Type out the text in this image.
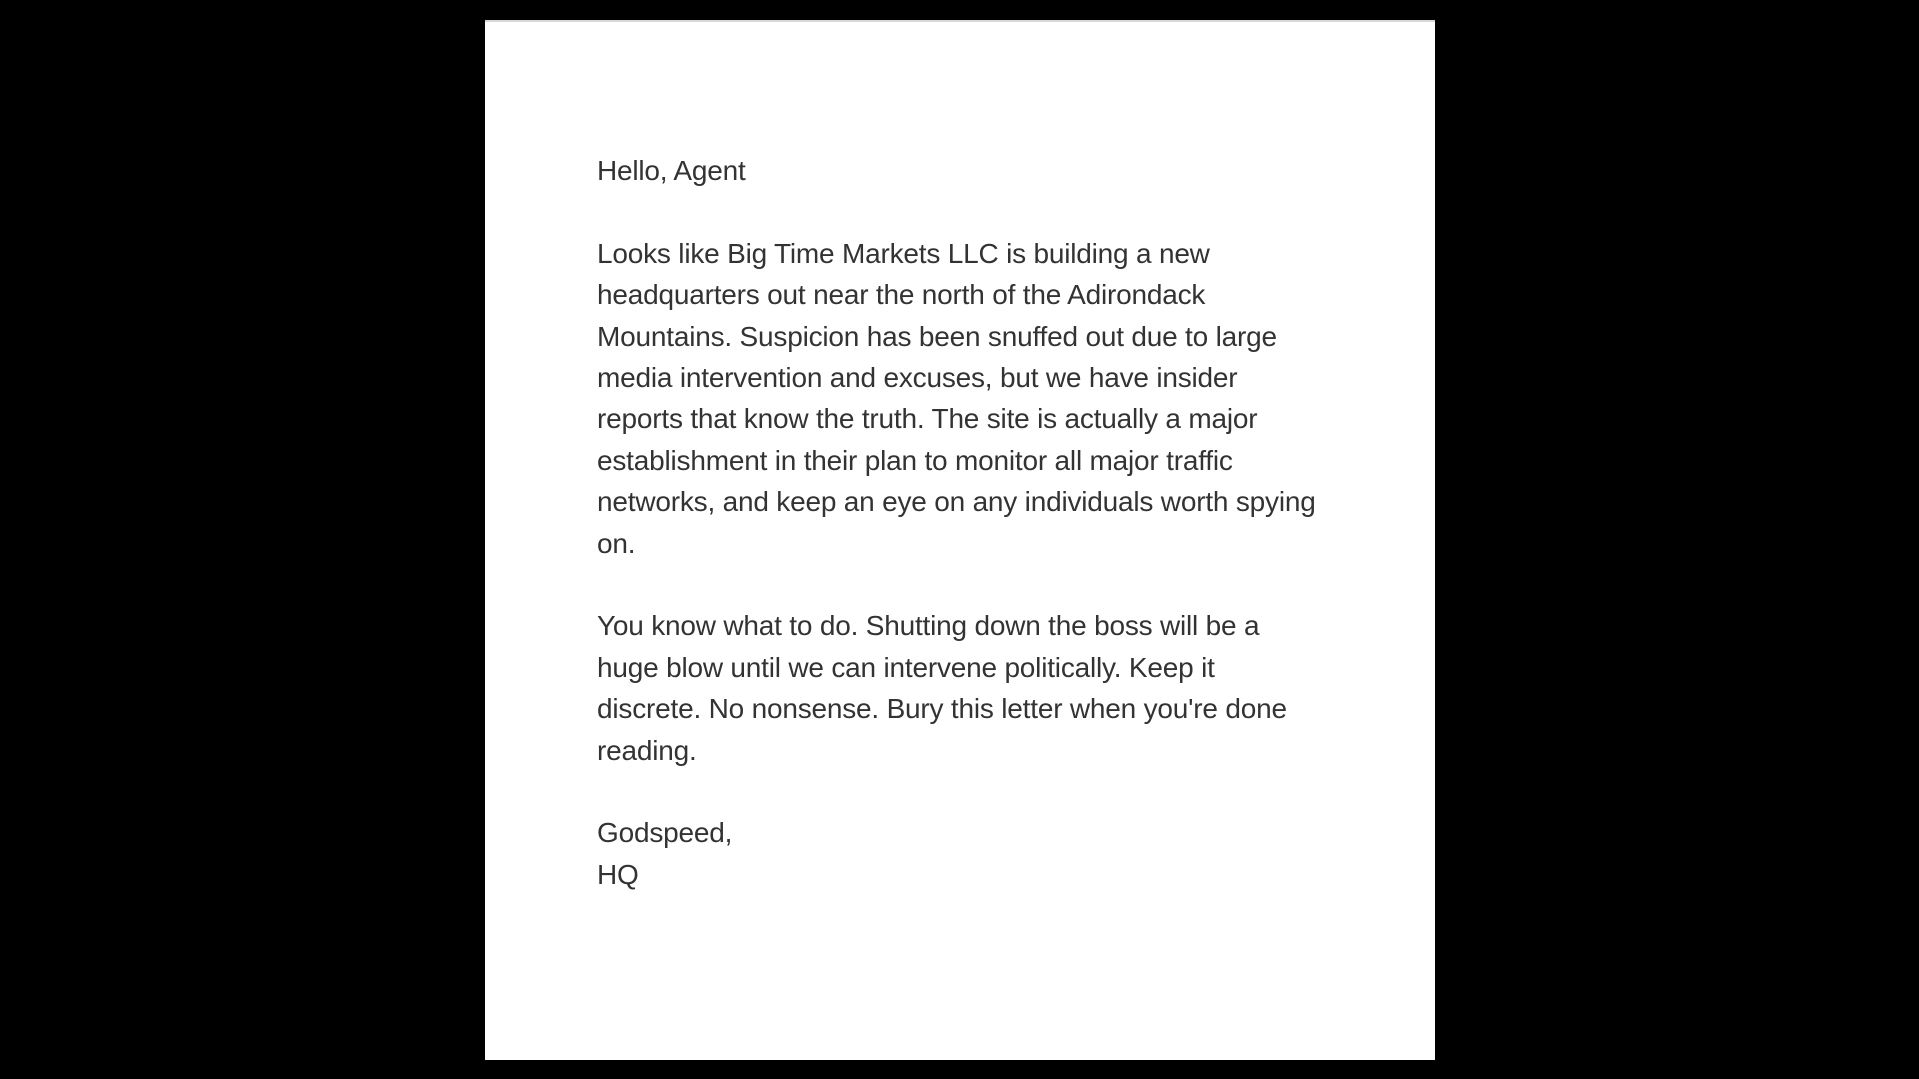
Hello, Agent

Looks like Big Time Markets LLC is building a new headquarters out near the north of the Adirondack Mountains. Suspicion has been snuffed out due to large media intervention and excuses, but we have insider reports that know the truth. The site is actually a major establishment in their plan to monitor all major traffic networks, and keep an eye on any individuals worth spying on.

You know what to do. Shutting down the boss will be a huge blow until we can intervene politically. Keep it discrete. No nonsense. Bury this letter when you're done reading.

Godspeed,

HQ
